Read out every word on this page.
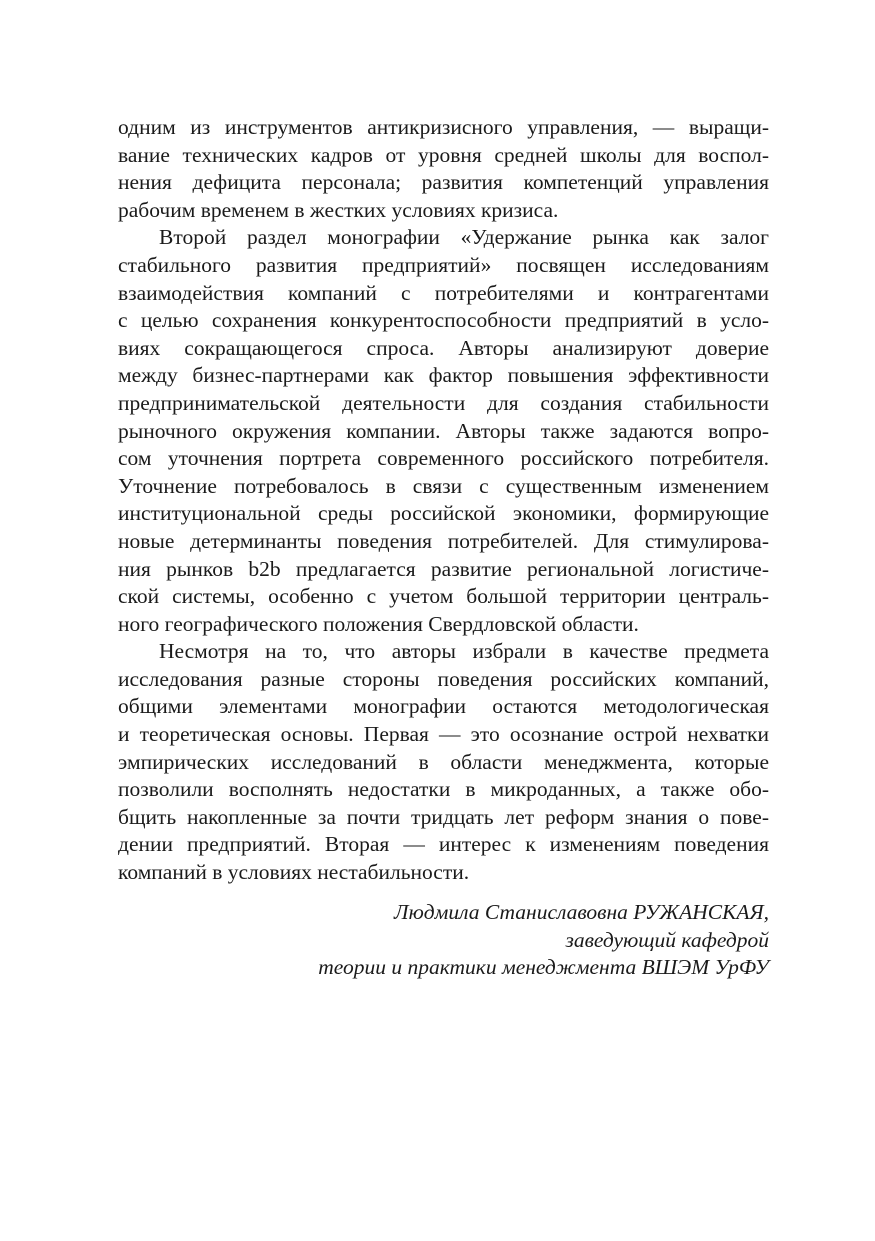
одним из инструментов антикризисного управления, — выращи-
вание технических кадров от уровня средней школы для воспол-
нения дефицита персонала; развития компетенций управления
рабочим временем в жестких условиях кризиса.
Второй раздел монографии «Удержание рынка как залог
стабильного развития предприятий» посвящен исследованиям
взаимодействия компаний с потребителями и контрагентами
с целью сохранения конкурентоспособности предприятий в усло-
виях сокращающегося спроса. Авторы анализируют доверие
между бизнес-партнерами как фактор повышения эффективности
предпринимательской деятельности для создания стабильности
рыночного окружения компании. Авторы также задаются вопро-
сом уточнения портрета современного российского потребителя.
Уточнение потребовалось в связи с существенным изменением
институциональной среды российской экономики, формирующие
новые детерминанты поведения потребителей. Для стимулирова-
ния рынков b2b предлагается развитие региональной логистиче-
ской системы, особенно с учетом большой территории централь-
ного географического положения Свердловской области.
Несмотря на то, что авторы избрали в качестве предмета
исследования разные стороны поведения российских компаний,
общими элементами монографии остаются методологическая
и теоретическая основы. Первая — это осознание острой нехватки
эмпирических исследований в области менеджмента, которые
позволили восполнять недостатки в микроданных, а также обо-
бщить накопленные за почти тридцать лет реформ знания о пове-
дении предприятий. Вторая — интерес к изменениям поведения
компаний в условиях нестабильности.
Людмила Станиславовна РУЖАНСКАЯ,
заведующий кафедрой
теории и практики менеджмента ВШЭМ УрФУ
